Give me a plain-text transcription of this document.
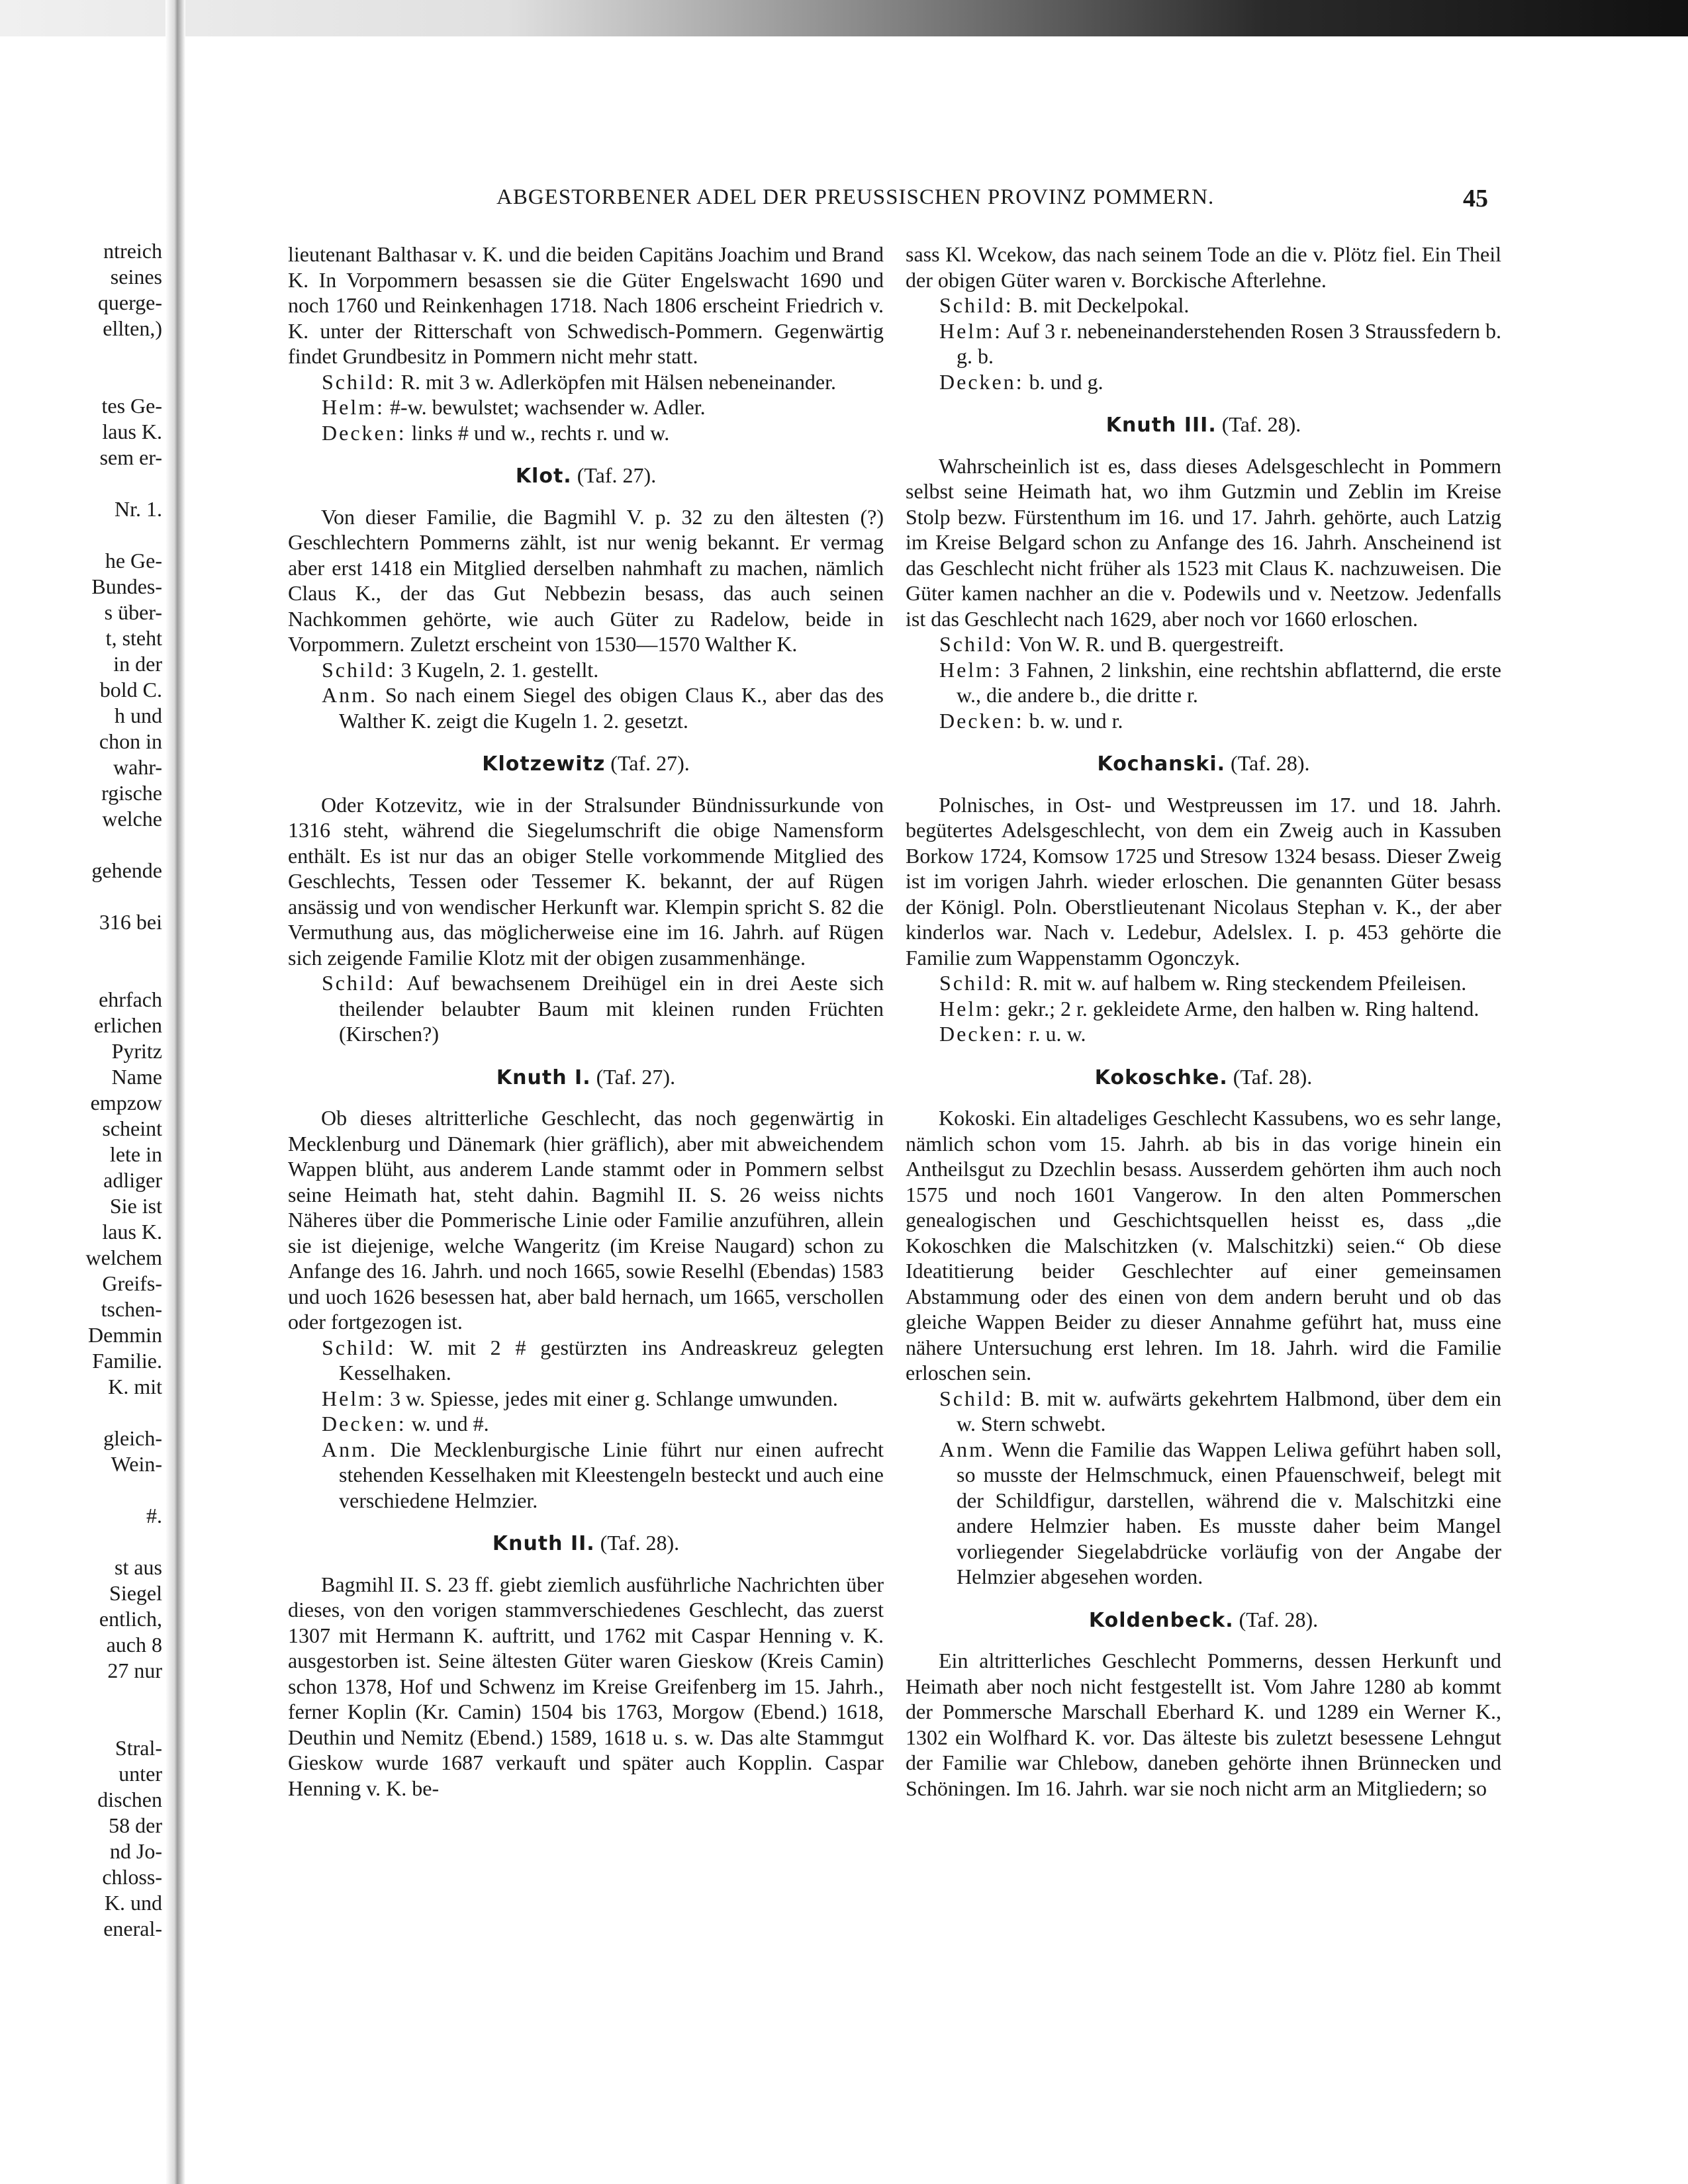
ntreich
seines
querge-
ellten,)
tes Ge-
laus K.
sem er-
Nr. 1.
he Ge-
Bundes-
s über-
t, steht
in der
bold C.
h und
chon in
wahr-
rgische
welche
gehende
316 bei
ehrfach
erlichen
Pyritz
Name
empzow
scheint
lete in
adliger
Sie ist
laus K.
welchem
Greifs-
tschen-
Demmin
Familie.
K. mit
gleich-
Wein-
#.
st aus
Siegel
entlich,
auch 8
27 nur
Stral-
unter
dischen
58 der
nd Jo-
chloss-
K. und
eneral-
ABGESTORBENER ADEL DER PREUSSISCHEN PROVINZ POMMERN.	45

lieutenant Balthasar v. K. und die beiden Capitäns Joachim und Brand K. In Vorpommern besassen sie die Güter Engelswacht 1690 und noch 1760 und Reinkenhagen 1718. Nach 1806 erscheint Friedrich v. K. unter der Ritterschaft von Schwedisch-Pommern. Gegenwärtig findet Grundbesitz in Pommern nicht mehr statt.

Schild: R. mit 3 w. Adlerköpfen mit Hälsen nebeneinander.

Helm: #-w. bewulstet; wachsender w. Adler.

Decken: links # und w., rechts r. und w.

Klot. (Taf. 27).

Von dieser Familie, die Bagmihl V. p. 32 zu den ältesten (?) Geschlechtern Pommerns zählt, ist nur wenig bekannt. Er vermag aber erst 1418 ein Mitglied derselben nahmhaft zu machen, nämlich Claus K., der das Gut Nebbezin besass, das auch seinen Nachkommen gehörte, wie auch Güter zu Radelow, beide in Vorpommern. Zuletzt erscheint von 1530—1570 Walther K.

Schild: 3 Kugeln, 2. 1. gestellt.

Anm. So nach einem Siegel des obigen Claus K., aber das des Walther K. zeigt die Kugeln 1. 2. gesetzt.

Klotzewitz (Taf. 27).

Oder Kotzevitz, wie in der Stralsunder Bündnissurkunde von 1316 steht, während die Siegelumschrift die obige Namensform enthält. Es ist nur das an obiger Stelle vorkommende Mitglied des Geschlechts, Tessen oder Tessemer K. bekannt, der auf Rügen ansässig und von wendischer Herkunft war. Klempin spricht S. 82 die Vermuthung aus, das möglicherweise eine im 16. Jahrh. auf Rügen sich zeigende Familie Klotz mit der obigen zusammenhänge.

Schild: Auf bewachsenem Dreihügel ein in drei Aeste sich theilender belaubter Baum mit kleinen runden Früchten (Kirschen?)

Knuth I. (Taf. 27).

Ob dieses altritterliche Geschlecht, das noch gegenwärtig in Mecklenburg und Dänemark (hier gräflich), aber mit abweichendem Wappen blüht, aus anderem Lande stammt oder in Pommern selbst seine Heimath hat, steht dahin. Bagmihl II. S. 26 weiss nichts Näheres über die Pommerische Linie oder Familie anzuführen, allein sie ist diejenige, welche Wangeritz (im Kreise Naugard) schon zu Anfange des 16. Jahrh. und noch 1665, sowie Reselhl (Ebendas) 1583 und uoch 1626 besessen hat, aber bald hernach, um 1665, verschollen oder fortgezogen ist.

Schild: W. mit 2 # gestürzten ins Andreaskreuz gelegten Kesselhaken.

Helm: 3 w. Spiesse, jedes mit einer g. Schlange umwunden.

Decken: w. und #.

Anm. Die Mecklenburgische Linie führt nur einen aufrecht stehenden Kesselhaken mit Kleestengeln besteckt und auch eine verschiedene Helmzier.

Knuth II. (Taf. 28).

Bagmihl II. S. 23 ff. giebt ziemlich ausführliche Nachrichten über dieses, von den vorigen stammverschiedenes Geschlecht, das zuerst 1307 mit Hermann K. auftritt, und 1762 mit Caspar Henning v. K. ausgestorben ist. Seine ältesten Güter waren Gieskow (Kreis Camin) schon 1378, Hof und Schwenz im Kreise Greifenberg im 15. Jahrh., ferner Koplin (Kr. Camin) 1504 bis 1763, Morgow (Ebend.) 1618, Deuthin und Nemitz (Ebend.) 1589, 1618 u. s. w. Das alte Stammgut Gieskow wurde 1687 verkauft und später auch Kopplin. Caspar Henning v. K. be-

sass Kl. Wcekow, das nach seinem Tode an die v. Plötz fiel. Ein Theil der obigen Güter waren v. Borckische Afterlehne.

Schild: B. mit Deckelpokal.

Helm: Auf 3 r. nebeneinanderstehenden Rosen 3 Straussfedern b. g. b.

Decken: b. und g.

Knuth III. (Taf. 28).

Wahrscheinlich ist es, dass dieses Adelsgeschlecht in Pommern selbst seine Heimath hat, wo ihm Gutzmin und Zeblin im Kreise Stolp bezw. Fürstenthum im 16. und 17. Jahrh. gehörte, auch Latzig im Kreise Belgard schon zu Anfange des 16. Jahrh. Anscheinend ist das Geschlecht nicht früher als 1523 mit Claus K. nachzuweisen. Die Güter kamen nachher an die v. Podewils und v. Neetzow. Jedenfalls ist das Geschlecht nach 1629, aber noch vor 1660 erloschen.

Schild: Von W. R. und B. quergestreift.

Helm: 3 Fahnen, 2 linkshin, eine rechtshin abflatternd, die erste w., die andere b., die dritte r.

Decken: b. w. und r.

Kochanski. (Taf. 28).

Polnisches, in Ost- und Westpreussen im 17. und 18. Jahrh. begütertes Adelsgeschlecht, von dem ein Zweig auch in Kassuben Borkow 1724, Komsow 1725 und Stresow 1324 besass. Dieser Zweig ist im vorigen Jahrh. wieder erloschen. Die genannten Güter besass der Königl. Poln. Oberstlieutenant Nicolaus Stephan v. K., der aber kinderlos war. Nach v. Ledebur, Adelslex. I. p. 453 gehörte die Familie zum Wappenstamm Ogonczyk.

Schild: R. mit w. auf halbem w. Ring steckendem Pfeileisen.

Helm: gekr.; 2 r. gekleidete Arme, den halben w. Ring haltend.

Decken: r. u. w.

Kokoschke. (Taf. 28).

Kokoski. Ein altadeliges Geschlecht Kassubens, wo es sehr lange, nämlich schon vom 15. Jahrh. ab bis in das vorige hinein ein Antheilsgut zu Dzechlin besass. Ausserdem gehörten ihm auch noch 1575 und noch 1601 Vangerow. In den alten Pommerschen genealogischen und Geschichtsquellen heisst es, dass „die Kokoschken die Malschitzken (v. Malschitzki) seien.“ Ob diese Ideatitierung beider Geschlechter auf einer gemeinsamen Abstammung oder des einen von dem andern beruht und ob das gleiche Wappen Beider zu dieser Annahme geführt hat, muss eine nähere Untersuchung erst lehren. Im 18. Jahrh. wird die Familie erloschen sein.

Schild: B. mit w. aufwärts gekehrtem Halbmond, über dem ein w. Stern schwebt.

Anm. Wenn die Familie das Wappen Leliwa geführt haben soll, so musste der Helmschmuck, einen Pfauenschweif, belegt mit der Schildfigur, darstellen, während die v. Malschitzki eine andere Helmzier haben. Es musste daher beim Mangel vorliegender Siegelabdrücke vorläufig von der Angabe der Helmzier abgesehen worden.

Koldenbeck. (Taf. 28).

Ein altritterliches Geschlecht Pommerns, dessen Herkunft und Heimath aber noch nicht festgestellt ist. Vom Jahre 1280 ab kommt der Pommersche Marschall Eberhard K. und 1289 ein Werner K., 1302 ein Wolfhard K. vor. Das älteste bis zuletzt besessene Lehngut der Familie war Chlebow, daneben gehörte ihnen Brünnecken und Schöningen. Im 16. Jahrh. war sie noch nicht arm an Mitgliedern; so
